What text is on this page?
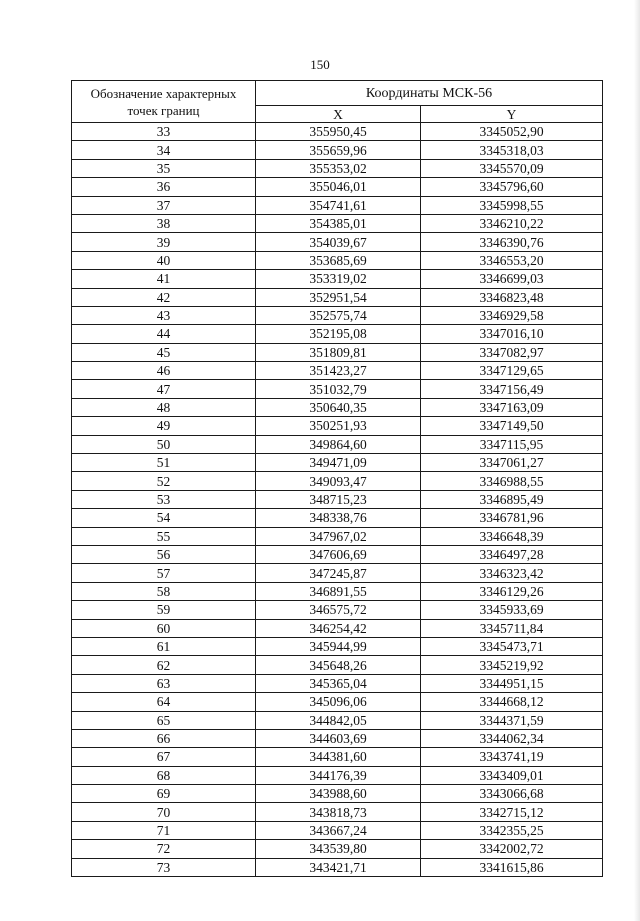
150
Обозначение характерных точек границ	Координаты МСК-56	
	X	Y
33	355950,45	3345052,90
34	355659,96	3345318,03
35	355353,02	3345570,09
36	355046,01	3345796,60
37	354741,61	3345998,55
38	354385,01	3346210,22
39	354039,67	3346390,76
40	353685,69	3346553,20
41	353319,02	3346699,03
42	352951,54	3346823,48
43	352575,74	3346929,58
44	352195,08	3347016,10
45	351809,81	3347082,97
46	351423,27	3347129,65
47	351032,79	3347156,49
48	350640,35	3347163,09
49	350251,93	3347149,50
50	349864,60	3347115,95
51	349471,09	3347061,27
52	349093,47	3346988,55
53	348715,23	3346895,49
54	348338,76	3346781,96
55	347967,02	3346648,39
56	347606,69	3346497,28
57	347245,87	3346323,42
58	346891,55	3346129,26
59	346575,72	3345933,69
60	346254,42	3345711,84
61	345944,99	3345473,71
62	345648,26	3345219,92
63	345365,04	3344951,15
64	345096,06	3344668,12
65	344842,05	3344371,59
66	344603,69	3344062,34
67	344381,60	3343741,19
68	344176,39	3343409,01
69	343988,60	3343066,68
70	343818,73	3342715,12
71	343667,24	3342355,25
72	343539,80	3342002,72
73	343421,71	3341615,86
